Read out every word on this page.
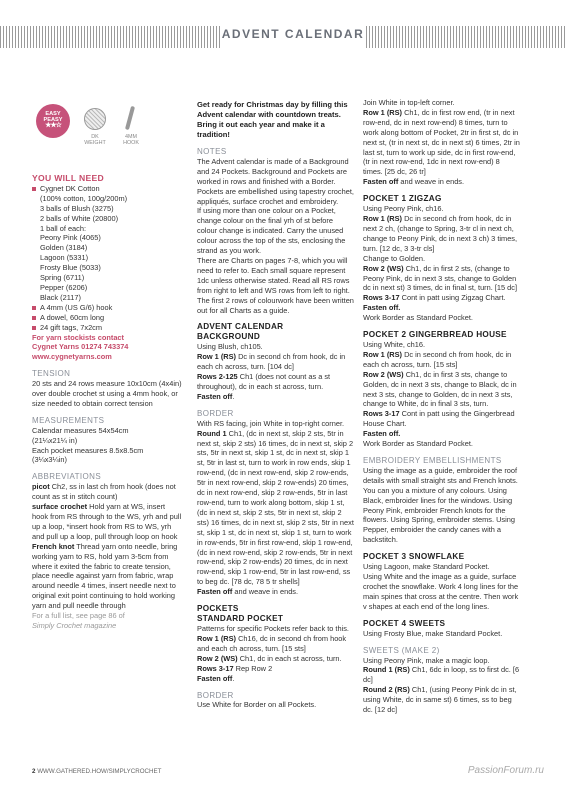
ADVENT CALENDAR
EASY
PEASY
★★☆
DK
WEIGHT
4MM
HOOK
YOU WILL NEED

Cygnet DK Cotton

(100% cotton, 100g/200m)

3 balls of Blush (3275)

2 balls of White (20800)

1 ball of each:

Peony Pink (4065)

Golden (3184)

Lagoon (5331)

Frosty Blue (5033)

Spring (6711)

Pepper (6206)

Black (2117)

A 4mm (US G/6) hook
A dowel, 60cm long
24 gift tags, 7x2cm

For yarn stockists contact

Cygnet Yarns 01274 743374

www.cygnetyarns.com

TENSION

20 sts and 24 rows measure 10x10cm (4x4in) over double crochet st using a 4mm hook, or size needed to obtain correct tension

MEASUREMENTS

Calendar measures 54x54cm

(21¼x21¼ in)

Each pocket measures 8.5x8.5cm

(3¼x3¼in)

ABBREVIATIONS

picot Ch2, ss in last ch from hook (does not count as st in stitch count)

surface crochet Hold yarn at WS, insert hook from RS through to the WS, yrh and pull up a loop, *insert hook from RS to WS, yrh and pull up a loop, pull through loop on hook

French knot Thread yarn onto needle, bring working yarn to RS, hold yarn 3-5cm from where it exited the fabric to create tension, place needle against yarn from fabric, wrap around needle 4 times, insert needle next to original exit point continuing to hold working yarn and pull needle through

For a full list, see page 86 of
Simply Crochet magazine

Get ready for Christmas day by filling this Advent calendar with countdown treats. Bring it out each year and make it a tradition!

NOTES

The Advent calendar is made of a Background and 24 Pockets. Background and Pockets are worked in rows and finished with a Border. Pockets are embellished using tapestry crochet, appliqués, surface crochet and embroidery.

If using more than one colour on a Pocket, change colour on the final yrh of st before colour change is indicated. Carry the unused colour across the top of the sts, enclosing the strand as you work.

There are Charts on pages 7-8, which you will need to refer to. Each small square represent 1dc unless otherwise stated. Read all RS rows from right to left and WS rows from left to right. The first 2 rows of colourwork have been written out for all Charts as a guide.

ADVENT CALENDAR
BACKGROUND

Using Blush, ch105.

Row 1 (RS) Dc in second ch from hook, dc in each ch across, turn. [104 dc]

Rows 2-125 Ch1 (does not count as a st throughout), dc in each st across, turn.

Fasten off.

BORDER

With RS facing, join White in top-right corner.

Round 1 Ch1, (dc in next st, skip 2 sts, 5tr in next st, skip 2 sts) 16 times, dc in next st, skip 2 sts, 5tr in next st, skip 1 st, dc in next st, skip 1 st, 5tr in last st, turn to work in row ends, skip 1 row-end, (dc in next row-end, skip 2 row-ends, 5tr in next row-end, skip 2 row-ends) 20 times, dc in next row-end, skip 2 row-ends, 5tr in last row-end, turn to work along bottom, skip 1 st, (dc in next st, skip 2 sts, 5tr in next st, skip 2 sts) 16 times, dc in next st, skip 2 sts, 5tr in next st, skip 1 st, dc in next st, skip 1 st, turn to work in row-ends, 5tr in first row-end, skip 1 row-end, (dc in next row-end, skip 2 row-ends, 5tr in next row-end, skip 2 row-ends) 20 times, dc in next row-end, skip 1 row-end, 5tr in last row-end, ss to beg dc. [78 dc, 78 5 tr shells]

Fasten off and weave in ends.

POCKETS
STANDARD POCKET

Patterns for specific Pockets refer back to this.

Row 1 (RS) Ch16, dc in second ch from hook and each ch across, turn. [15 sts]

Row 2 (WS) Ch1, dc in each st across, turn.

Rows 3-17 Rep Row 2

Fasten off.

BORDER

Use White for Border on all Pockets.

Join White in top-left corner.

Row 1 (RS) Ch1, dc in first row end, (tr in next row-end, dc in next row-end) 8 times, turn to work along bottom of Pocket, 2tr in first st, dc in next st, (tr in next st, dc in next st) 6 times, 2tr in last st, turn to work up side, dc in first row-end, (tr in next row-end, 1dc in next row-end) 8 times. [25 dc, 26 tr]

Fasten off and weave in ends.

POCKET 1 ZIGZAG

Using Peony Pink, ch16.

Row 1 (RS) Dc in second ch from hook, dc in next 2 ch, (change to Spring, 3-tr cl in next ch, change to Peony Pink, dc in next 3 ch) 3 times, turn. [12 dc, 3 3-tr cls]

Change to Golden.

Row 2 (WS) Ch1, dc in first 2 sts, (change to Peony Pink, dc in next 3 sts, change to Golden dc in next st) 3 times, dc in final st, turn. [15 dc]

Rows 3-17 Cont in patt using Zigzag Chart.

Fasten off.

Work Border as Standard Pocket.

POCKET 2 GINGERBREAD HOUSE

Using White, ch16.

Row 1 (RS) Dc in second ch from hook, dc in each ch across, turn. [15 sts]

Row 2 (WS) Ch1, dc in first 3 sts, change to Golden, dc in next 3 sts, change to Black, dc in next 3 sts, change to Golden, dc in next 3 sts, change to White, dc in final 3 sts, turn.

Rows 3-17 Cont in patt using the Gingerbread House Chart.

Fasten off.

Work Border as Standard Pocket.

EMBROIDERY EMBELLISHMENTS

Using the image as a guide, embroider the roof details with small straight sts and French knots. You can you a mixture of any colours. Using Black, embroider lines for the windows. Using Peony Pink, embroider French knots for the flowers. Using Spring, embroider stems. Using Pepper, embroider the candy canes with a backstitch.

POCKET 3 SNOWFLAKE

Using Lagoon, make Standard Pocket.

Using White and the image as a guide, surface crochet the snowflake. Work 4 long lines for the main spines that cross at the centre. Then work v shapes at each end of the long lines.

POCKET 4 SWEETS

Using Frosty Blue, make Standard Pocket.

SWEETS (MAKE 2)

Using Peony Pink, make a magic loop.

Round 1 (RS) Ch1, 6dc in loop, ss to first dc. [6 dc]

Round 2 (RS) Ch1, (using Peony Pink dc in st, using White, dc in same st) 6 times, ss to beg dc. [12 dc]

2 WWW.GATHERED.HOW/SIMPLYCROCHET	PassionForum.ru
